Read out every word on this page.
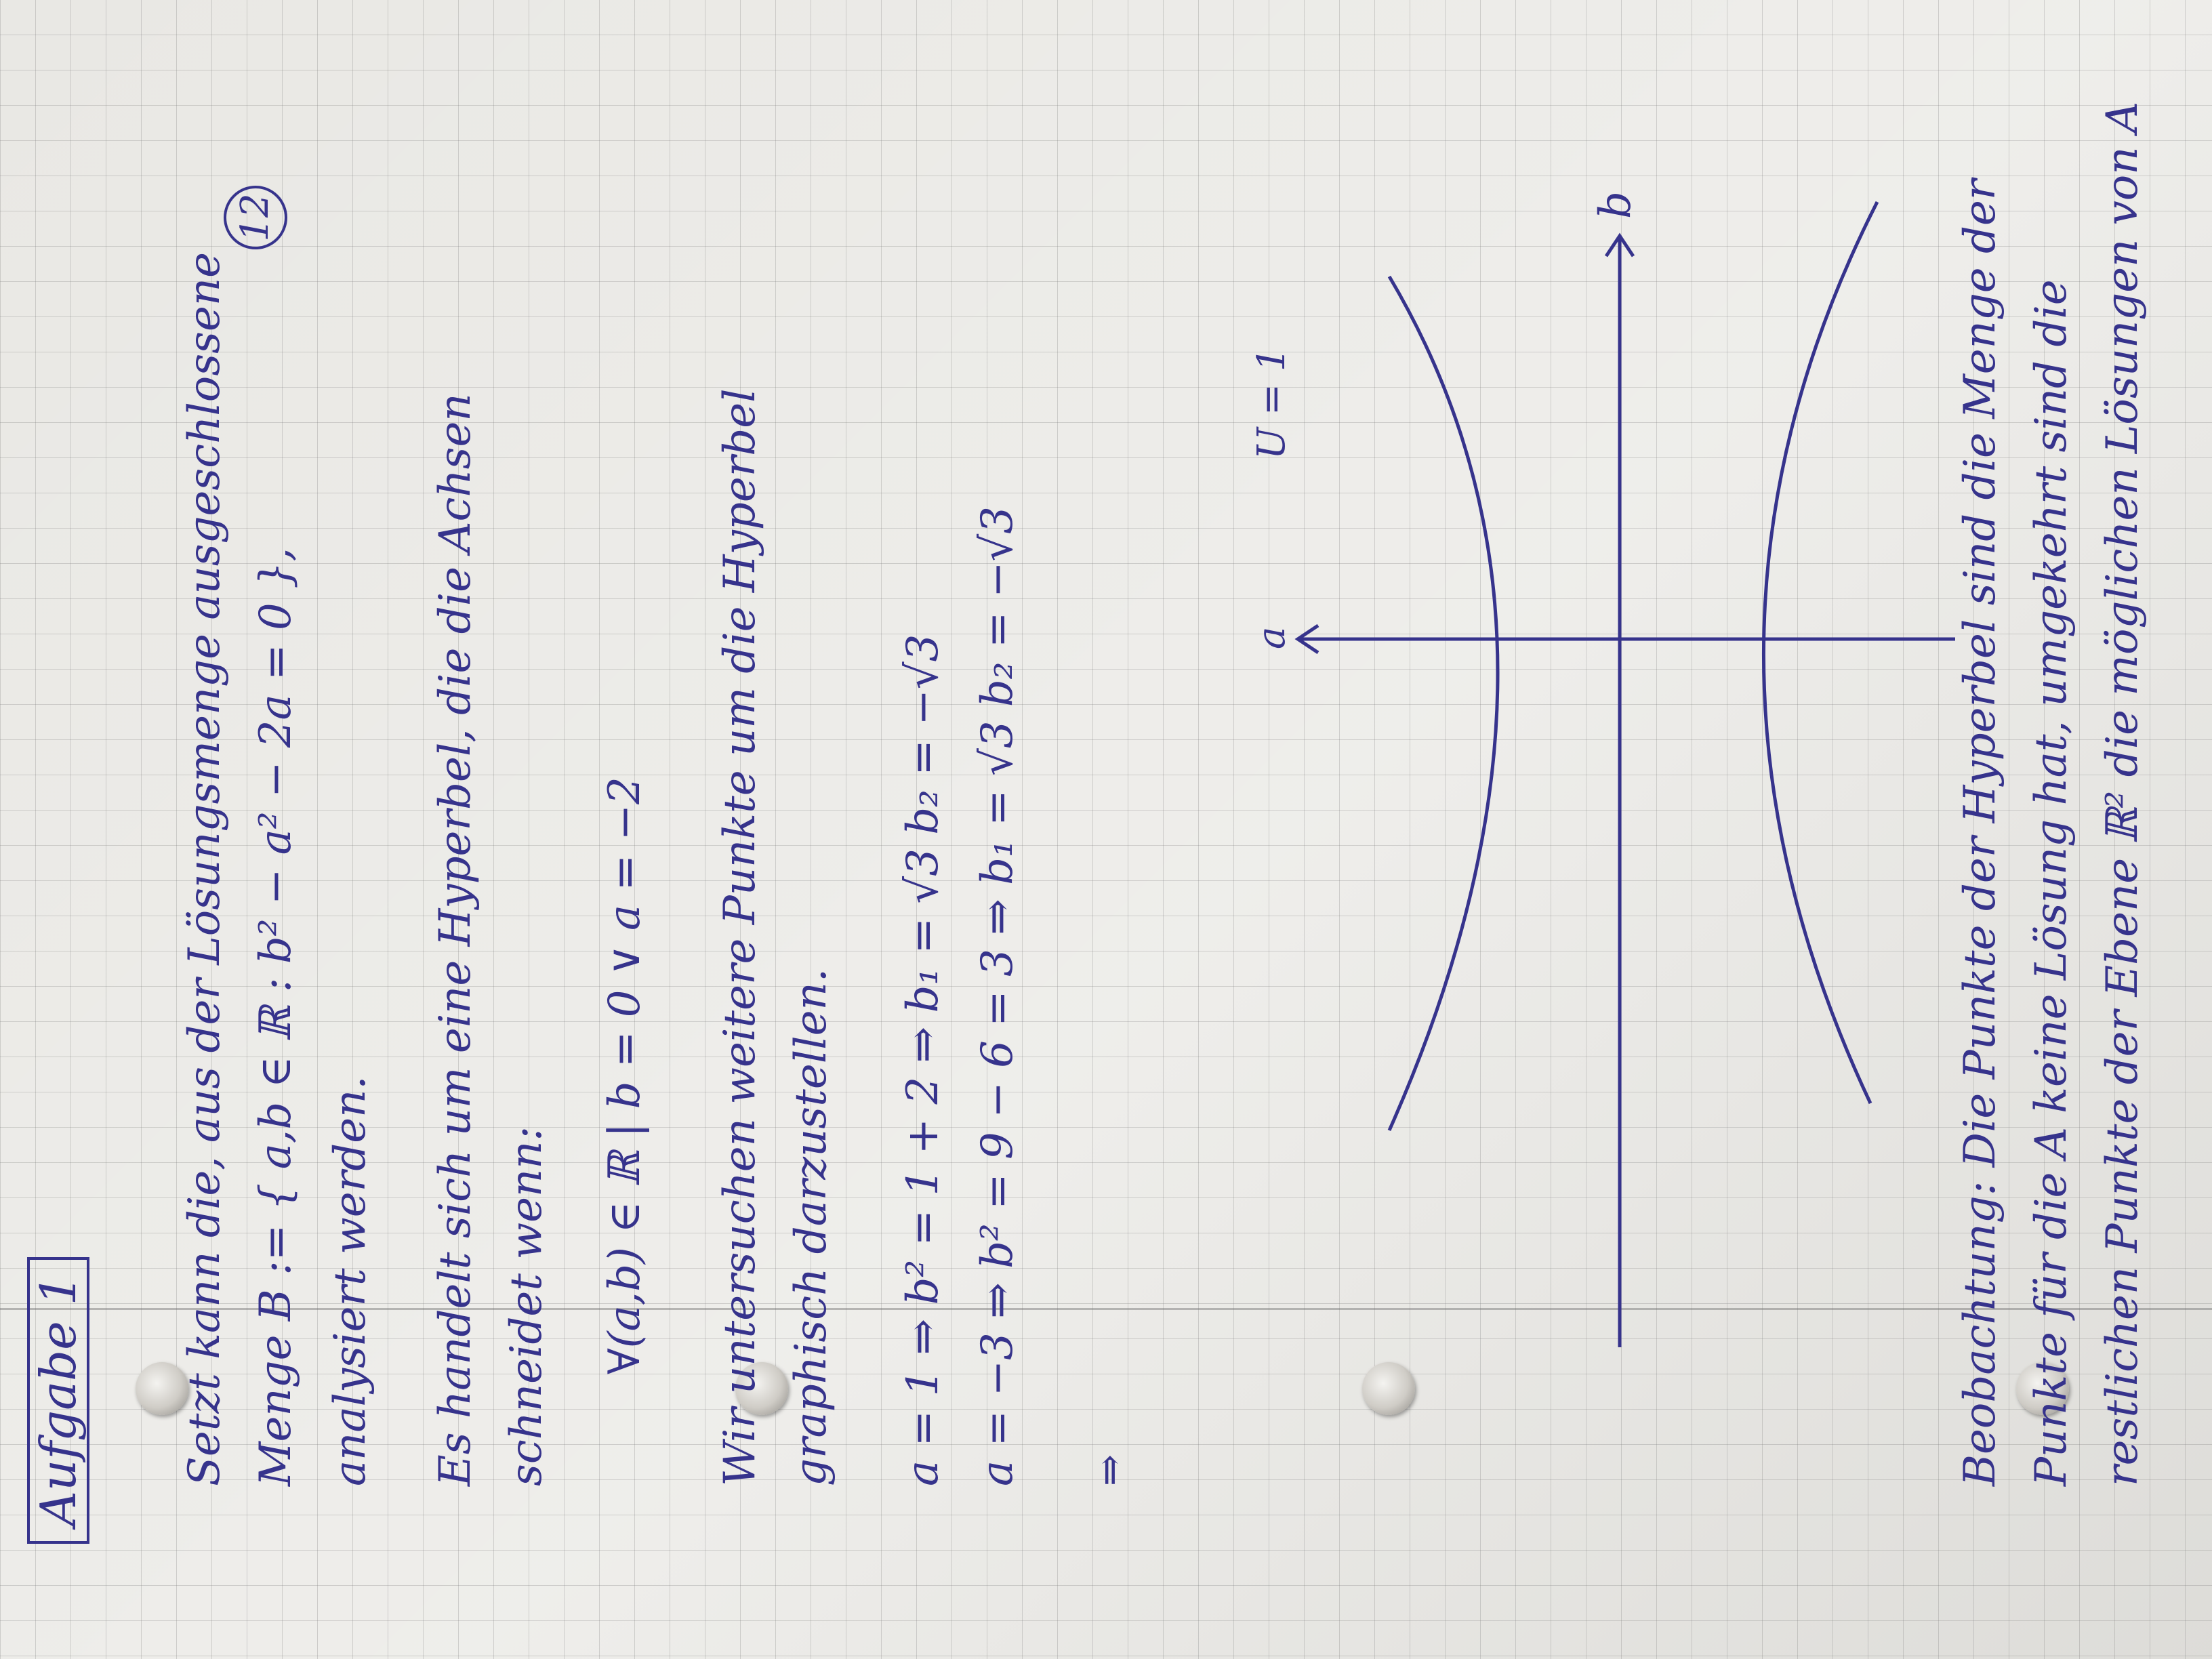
12
Aufgabe 1 Setzt kann die, aus der Lösungsmenge ausgeschlossene Menge B := { a,b ∈ ℝ : b² − a² − 2a = 0 }, analysiert werden. Es handelt sich um eine Hyperbel, die die Achsen schneidet wenn: ∀(a,b) ∈ ℝ | b = 0 ∨ a = −2 Wir untersuchen weitere Punkte um die Hyperbel graphisch darzustellen. a = 1 ⇒ b² = 1 + 2 ⇒ b₁ = √3 b₂ = −√3 a = −3 ⇒ b² = 9 − 6 = 3 ⇒ b₁ = √3 b₂ = −√3 ⇒
b
a
U = 1	Beobachtung: Die Punkte der Hyperbel sind die Menge der Punkte für die A keine Lösung hat, umgekehrt sind die restlichen Punkte der Ebene ℝ² die möglichen Lösungen von A
